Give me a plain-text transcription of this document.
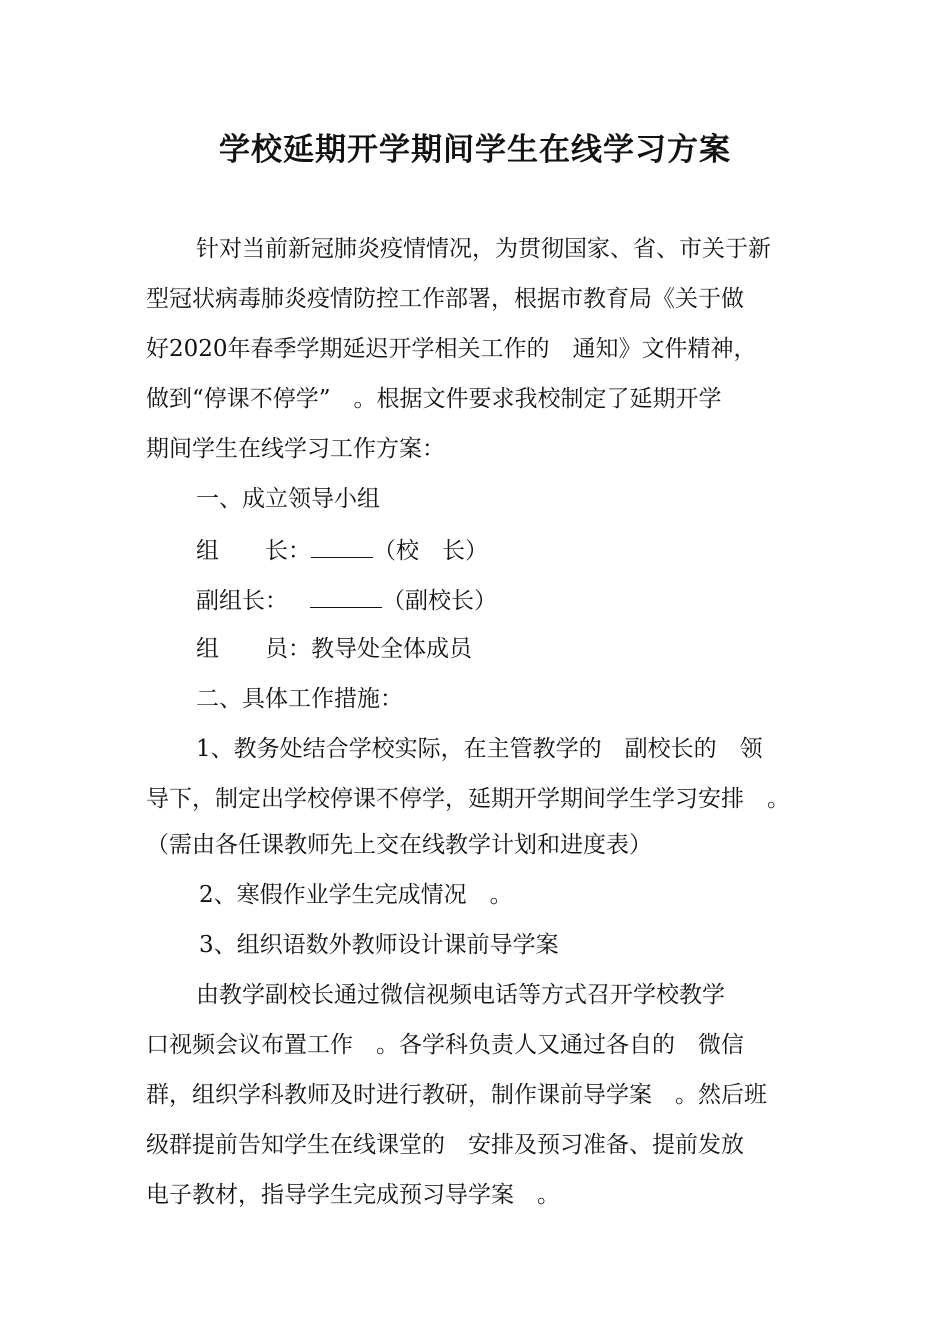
学校延期开学期间学生在线学习方案
针对当前新冠肺炎疫情情况，为贯彻国家、省、市关于新
型冠状病毒肺炎疫情防控工作部署，根据市教育局《关于做
好2020年春季学期延迟开学相关工作的　通知》文件精神，
做到“停课不停学”　。根据文件要求我校制定了延期开学
期间学生在线学习工作方案：
一、成立领导小组
组　　长：	（校　长）
副组长：	（副校长）
组　　员：教导处全体成员
二、具体工作措施：
1、教务处结合学校实际，在主管教学的　副校长的　领
导下，制定出学校停课不停学，延期开学期间学生学习安排　。
（需由各任课教师先上交在线教学计划和进度表）
2、寒假作业学生完成情况　。
3、组织语数外教师设计课前导学案
由教学副校长通过微信视频电话等方式召开学校教学
口视频会议布置工作　。各学科负责人又通过各自的　微信
群，组织学科教师及时进行教研，制作课前导学案　。然后班
级群提前告知学生在线课堂的　安排及预习准备、提前发放
电子教材，指导学生完成预习导学案　。
